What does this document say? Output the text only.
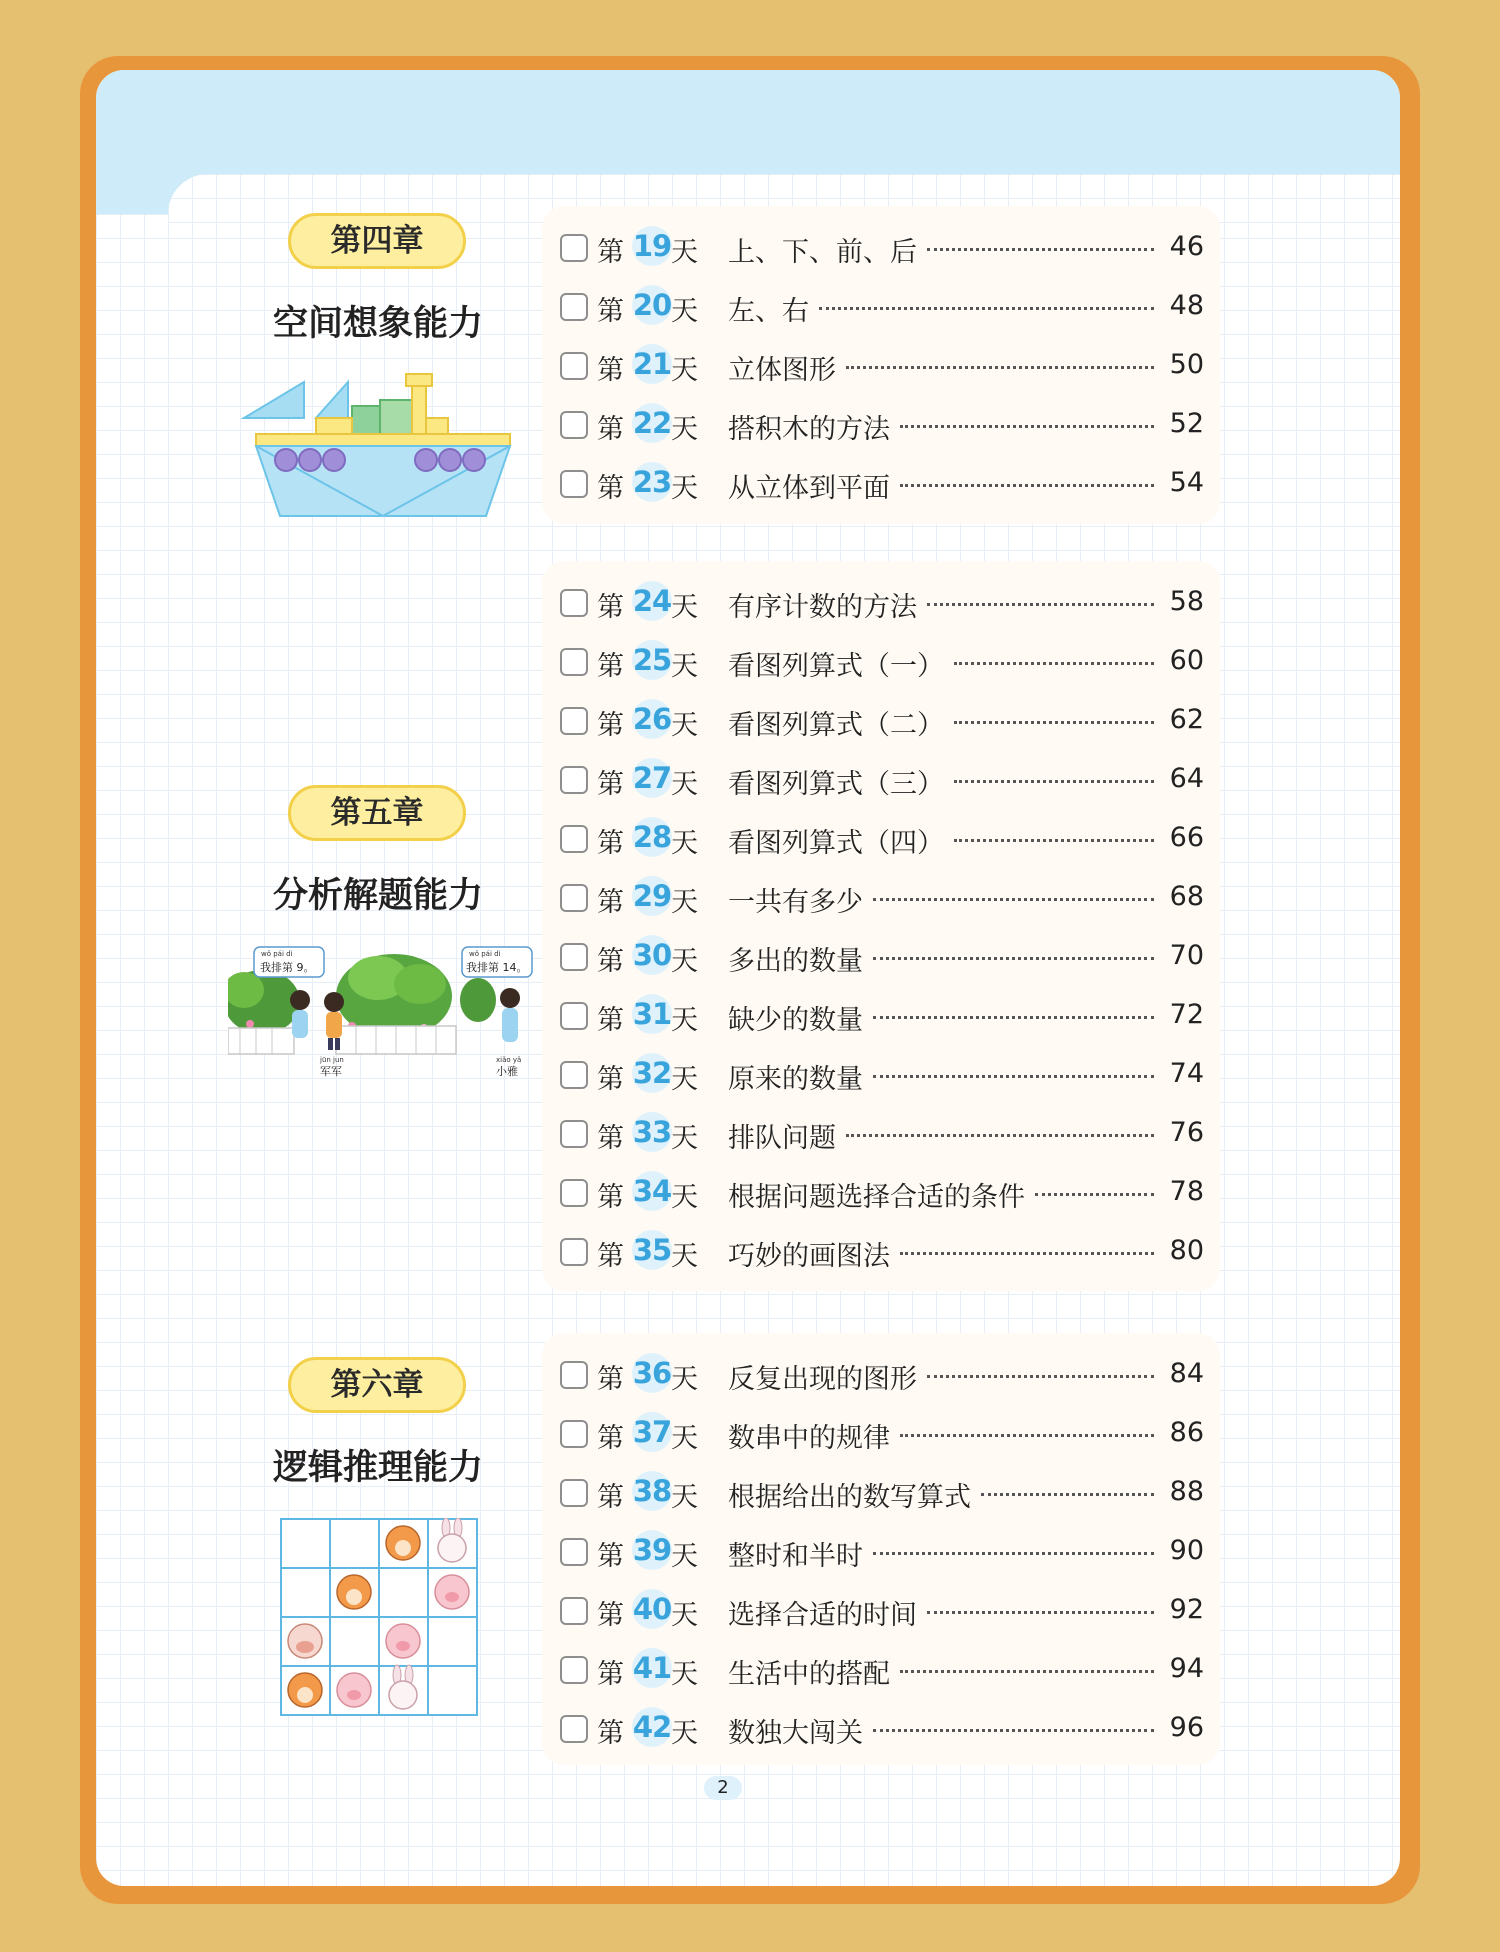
第四章
空间想象能力
第五章
分析解题能力
wǒ pái dì
我排第 9。
wǒ pái dì
我排第 14。
jūn jun
军军
xiǎo yǎ
小雅
第六章
逻辑推理能力
第 19 天 上、下、前、后	46
第 20 天 左、右	48
第 21 天 立体图形	50
第 22 天 搭积木的方法	52
第 23 天 从立体到平面	54
第 24 天 有序计数的方法	58
第 25 天 看图列算式（一）	60
第 26 天 看图列算式（二）	62
第 27 天 看图列算式（三）	64
第 28 天 看图列算式（四）	66
第 29 天 一共有多少	68
第 30 天 多出的数量	70
第 31 天 缺少的数量	72
第 32 天 原来的数量	74
第 33 天 排队问题	76
第 34 天 根据问题选择合适的条件	78
第 35 天 巧妙的画图法	80
第 36 天 反复出现的图形	84
第 37 天 数串中的规律	86
第 38 天 根据给出的数写算式	88
第 39 天 整时和半时	90
第 40 天 选择合适的时间	92
第 41 天 生活中的搭配	94
第 42 天 数独大闯关	96
2
